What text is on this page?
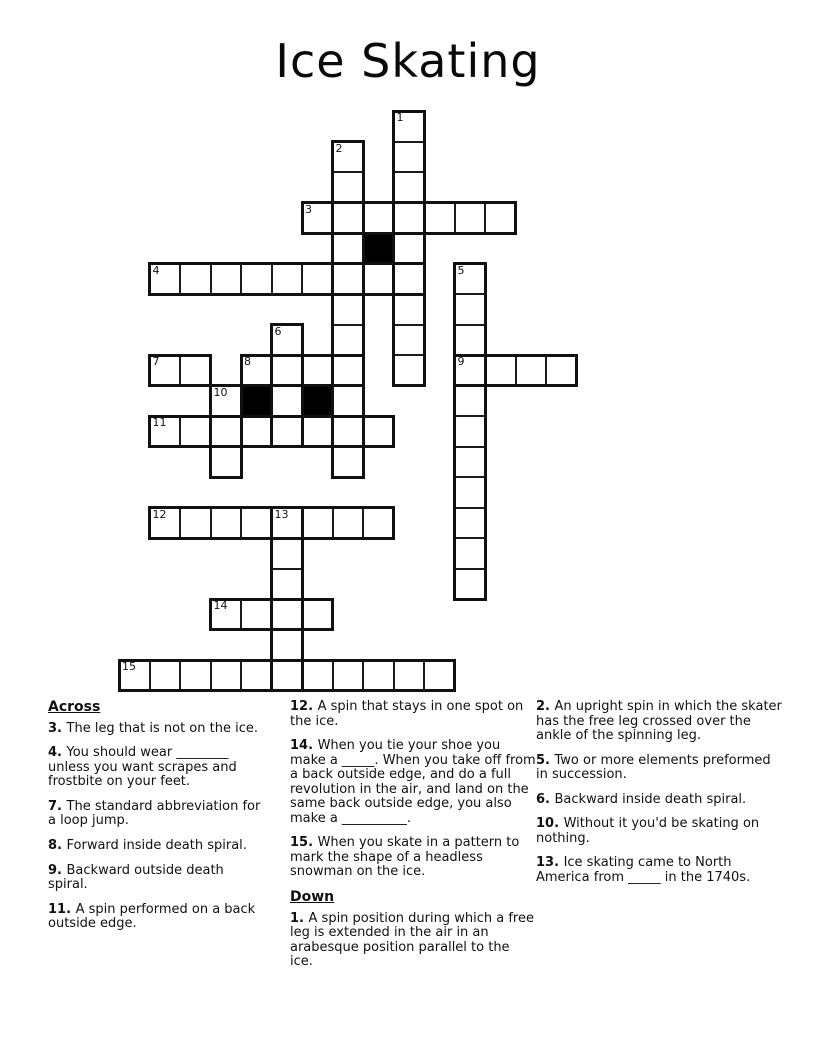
Ice Skating
1
2
3
4	5
9
6
7	8
10
11
12	13
14
15
Across
3. The leg that is not on the ice.
4. You should wear ________ unless you want scrapes and frostbite on your feet.
7. The standard abbreviation for a loop jump.
8. Forward inside death spiral.
9. Backward outside death spiral.
11. A spin performed on a back outside edge.
12. A spin that stays in one spot on the ice.
14. When you tie your shoe you make a _____. When you take off from a back outside edge, and do a full revolution in the air, and land on the same back outside edge, you also make a __________.
15. When you skate in a pattern to mark the shape of a headless snowman on the ice.
Down
1. A spin position during which a free leg is extended in the air in an arabesque position parallel to the ice.
2. An upright spin in which the skater has the free leg crossed over the ankle of the spinning leg.
5. Two or more elements preformed in succession.
6. Backward inside death spiral.
10. Without it you'd be skating on nothing.
13. Ice skating came to North America from _____ in the 1740s.
